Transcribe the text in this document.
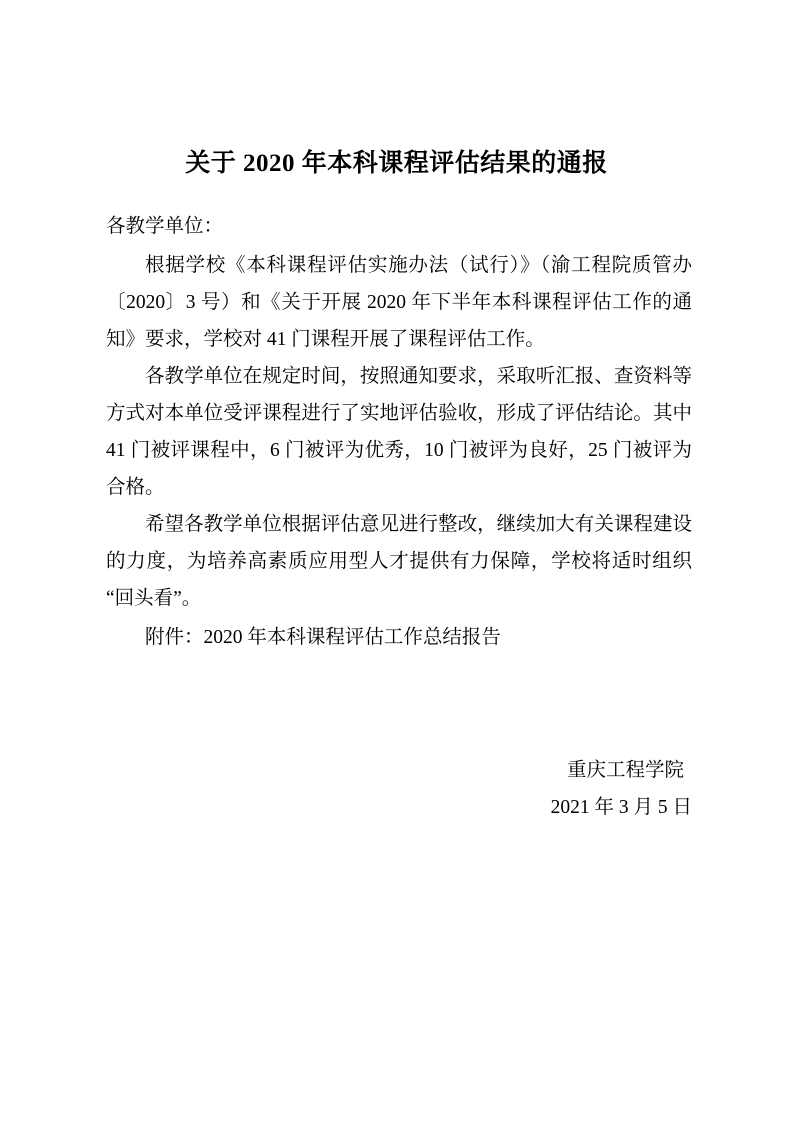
关于 2020 年本科课程评估结果的通报

各教学单位：

根据学校《本科课程评估实施办法（试行）》（渝工程院质管办〔2020〕3 号）和《关于开展 2020 年下半年本科课程评估工作的通知》要求，学校对 41 门课程开展了课程评估工作。

各教学单位在规定时间，按照通知要求，采取听汇报、查资料等方式对本单位受评课程进行了实地评估验收，形成了评估结论。其中 41 门被评课程中，6 门被评为优秀，10 门被评为良好，25 门被评为合格。

希望各教学单位根据评估意见进行整改，继续加大有关课程建设的力度，为培养高素质应用型人才提供有力保障，学校将适时组织“回头看”。

附件：2020 年本科课程评估工作总结报告

重庆工程学院
2021 年 3 月 5 日
